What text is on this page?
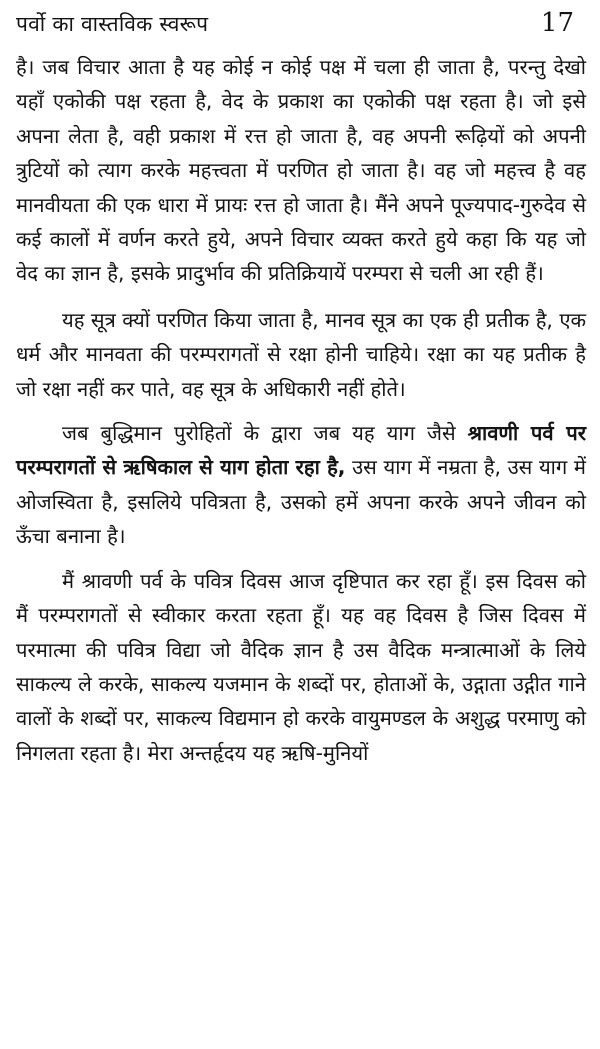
पर्वो का वास्तविक स्वरूप	17

है। जब विचार आता है यह कोई न कोई पक्ष में चला ही जाता है, परन्तु देखो यहाँ एकोकी पक्ष रहता है, वेद के प्रकाश का एकोकी पक्ष रहता है। जो इसे अपना लेता है, वही प्रकाश में रत्त हो जाता है, वह अपनी रूढ़ियों को अपनी त्रुटियों को त्याग करके महत्त्वता में परणित हो जाता है। वह जो महत्त्व है वह मानवीयता की एक धारा में प्रायः रत्त हो जाता है। मैंने अपने पूज्यपाद-गुरुदेव से कई कालों में वर्णन करते हुये, अपने विचार व्यक्त करते हुये कहा कि यह जो वेद का ज्ञान है, इसके प्रादुर्भाव की प्रतिक्रियायें परम्परा से चली आ रही हैं।

यह सूत्र क्यों परणित किया जाता है, मानव सूत्र का एक ही प्रतीक है, एक धर्म और मानवता की परम्परागतों से रक्षा होनी चाहिये। रक्षा का यह प्रतीक है जो रक्षा नहीं कर पाते, वह सूत्र के अधिकारी नहीं होते।

जब बुद्धिमान पुरोहितों के द्वारा जब यह याग जैसे श्रावणी पर्व पर परम्परागतों से ऋषिकाल से याग होता रहा है, उस याग में नम्रता है, उस याग में ओजस्विता है, इसलिये पवित्रता है, उसको हमें अपना करके अपने जीवन को ऊँचा बनाना है।

मैं श्रावणी पर्व के पवित्र दिवस आज दृष्टिपात कर रहा हूँ। इस दिवस को मैं परम्परागतों से स्वीकार करता रहता हूँ। यह वह दिवस है जिस दिवस में परमात्मा की पवित्र विद्या जो वैदिक ज्ञान है उस वैदिक मन्त्रात्माओं के लिये साकल्य ले करके, साकल्य यजमान के शब्दों पर, होताओं के, उद्गाता उद्गीत गाने वालों के शब्दों पर, साकल्य विद्यमान हो करके वायुमण्डल के अशुद्ध परमाणु को निगलता रहता है। मेरा अन्तर्हृदय यह ऋषि-मुनियों
